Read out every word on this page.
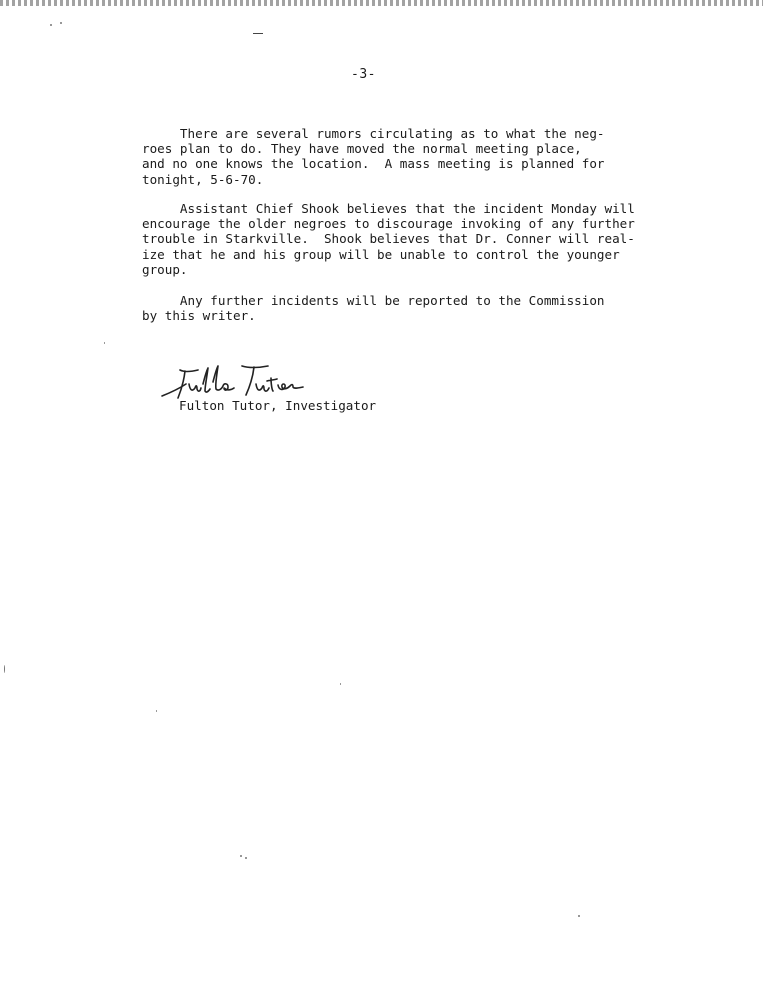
-3-
There are several rumors circulating as to what the neg-
roes plan to do. They have moved the normal meeting place,
and no one knows the location.  A mass meeting is planned for
tonight, 5-6-70.
Assistant Chief Shook believes that the incident Monday will
encourage the older negroes to discourage invoking of any further
trouble in Starkville.  Shook believes that Dr. Conner will real-
ize that he and his group will be unable to control the younger
group.
Any further incidents will be reported to the Commission
by this writer.
Fulton Tutor, Investigator
